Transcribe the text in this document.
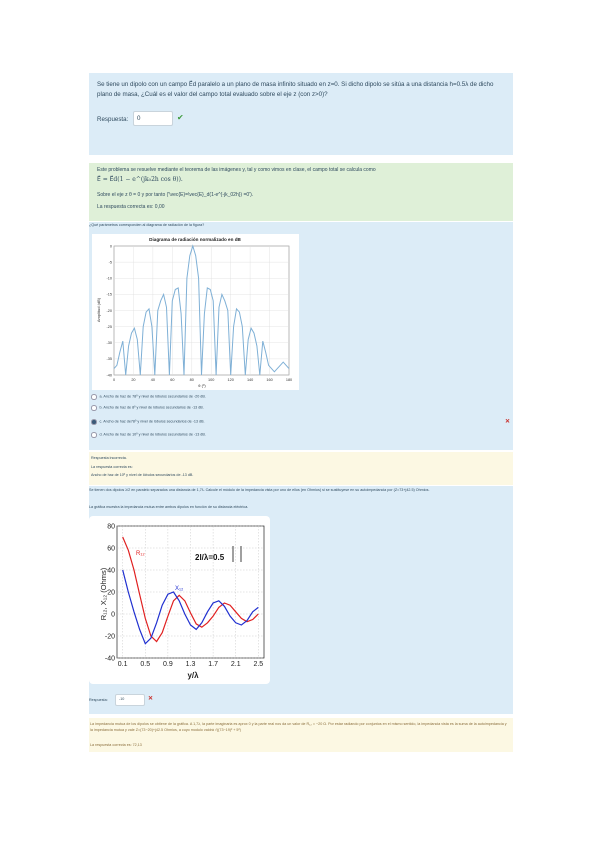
Se tiene un dipolo con un campo E⃗d paralelo a un plano de masa infinito situado en z=0. Si dicho dipolo se sitúa a una distancia h=0.5λ de dicho plano de masa, ¿Cuál es el valor del campo total evaluado sobre el eje z (con z>0)?
Respuesta:	0	✔
Este problema se resuelve mediante el teorema de las imágenes y, tal y como vimos en clase, el campo total se calcula como
E⃗ = E⃗d(1 − e^(jk₀2h cos θ)).
Sobre el eje z θ = 0 y por tanto ('\vec{E}=\vec{E}_d(1-e^{-jk_02h}) =0').
La respuesta correcta es: 0,00
¿Qué parámetros corresponden al diagrama de radiación de la figura?
0	20	40	60	80	100	120	140	160	180
0
-5
-10
-15
-20
-25
-30
-35
-40
Diagrama de radiación normalizado en dB
θ (º)
Amplitud (dB)
a. Ancho de haz de 78º y nivel de lóbulos secundarios de -20 dB.
b. Ancho de haz de 8º y nivel de lóbulos secundarios de -13 dB.
c. Ancho de haz de78º y nivel de lóbulos secundarios de -13 dB.
d. Ancho de haz de 10º y nivel de lóbulos secundarios de -13 dB.
✕
Respuesta incorrecta.
La respuesta correcta es:
Ancho de haz de 10º y nivel de lóbulos secundarios de -13 dB.
Se tienen dos dipolos λ/2 en paralelo separados una distancia de 1,7λ. Calcule el módulo de la impedancia vista por uno de ellos (en Ohmios) si se sustituyese en su autoimpedancia por (Z=73+j42.5) Ohmios.
La gráfica muestra la impedancia mutua entre ambos dipolos en función de su distancia eléctrica.
0.1 0.5 0.9 1.3 1.7 2.1 2.5
80
60
40
20
0
-20
-40
y/λ
R₁₂, X₁₂ (Ohms)
2l/λ=0.5
R₁₂
X₁₂
Respuesta:	-10	✕
La impedancia mutua de los dipolos se obtiene de la gráfica. A 1,7λ, la parte imaginaria es aprox 0 y la parte real nos da un valor de R₁₂ = −20 Ω. Por estar radiando por conjuntos en el mismo sentido, la impedancia vista es la suma de la autoimpedancia y la impedancia mutua y vale Z=(73−20)+j42.5 Ohmios, a cuyo modulo valdrá √((73−19)² + 5²)
La respuesta correcta es: 72,13
